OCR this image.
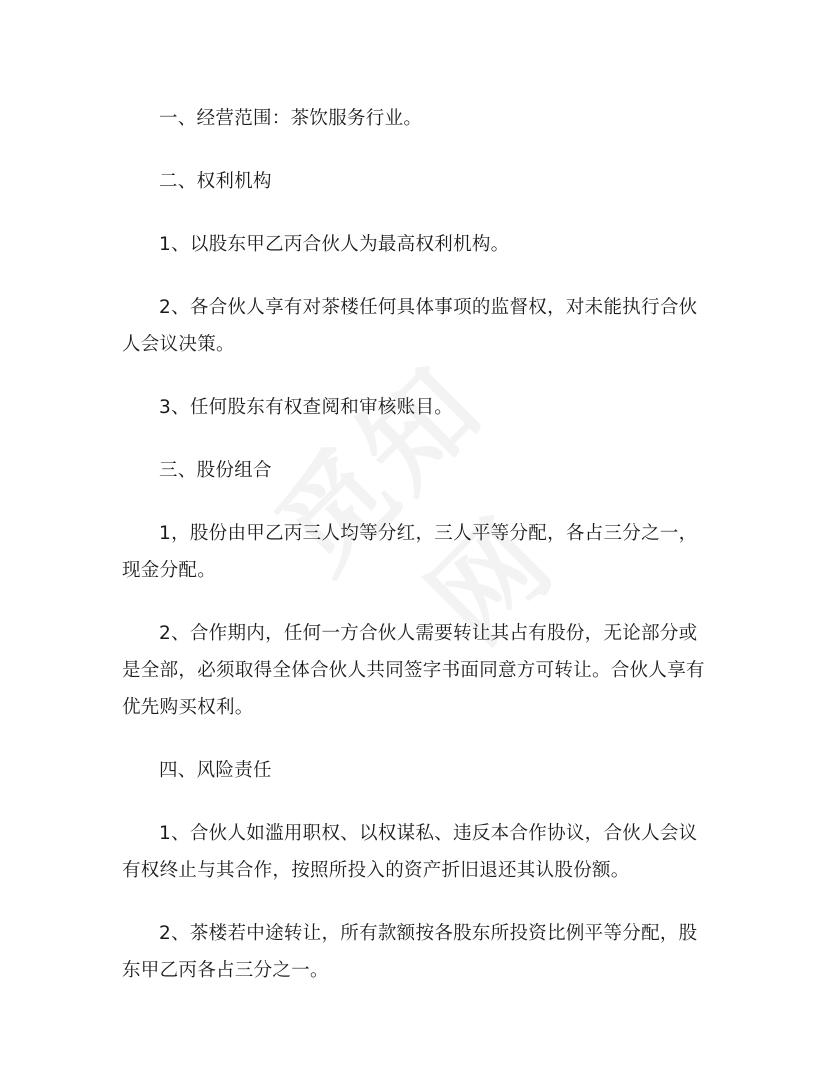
一、经营范围：茶饮服务行业。

二、权利机构

1、以股东甲乙丙合伙人为最高权利机构。

2、各合伙人享有对茶楼任何具体事项的监督权，对未能执行合伙人会议决策。

3、任何股东有权查阅和审核账目。

三、股份组合

1，股份由甲乙丙三人均等分红，三人平等分配，各占三分之一，现金分配。

2、合作期内，任何一方合伙人需要转让其占有股份，无论部分或是全部，必须取得全体合伙人共同签字书面同意方可转让。合伙人享有优先购买权利。

四、风险责任

1、合伙人如滥用职权、以权谋私、违反本合作协议，合伙人会议有权终止与其合作，按照所投入的资产折旧退还其认股份额。

2、茶楼若中途转让，所有款额按各股东所投资比例平等分配，股东甲乙丙各占三分之一。
